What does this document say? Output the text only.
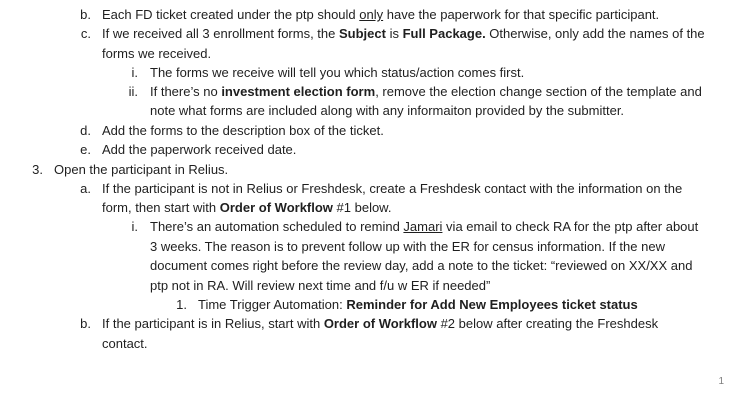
b. Each FD ticket created under the ptp should only have the paperwork for that specific participant.
c. If we received all 3 enrollment forms, the Subject is Full Package. Otherwise, only add the names of the
forms we received.
i. The forms we receive will tell you which status/action comes first.
ii. If there’s no investment election form, remove the election change section of the template and
note what forms are included along with any informaiton provided by the submitter.
d. Add the forms to the description box of the ticket.
e. Add the paperwork received date.
3. Open the participant in Relius.
a. If the participant is not in Relius or Freshdesk, create a Freshdesk contact with the information on the
form, then start with Order of Workflow #1 below.
i. There’s an automation scheduled to remind Jamari via email to check RA for the ptp after about
3 weeks. The reason is to prevent follow up with the ER for census information. If the new
document comes right before the review day, add a note to the ticket: “reviewed on XX/XX and
ptp not in RA. Will review next time and f/u w ER if needed”
1. Time Trigger Automation: Reminder for Add New Employees ticket status
b. If the participant is in Relius, start with Order of Workflow #2 below after creating the Freshdesk
contact.
1
